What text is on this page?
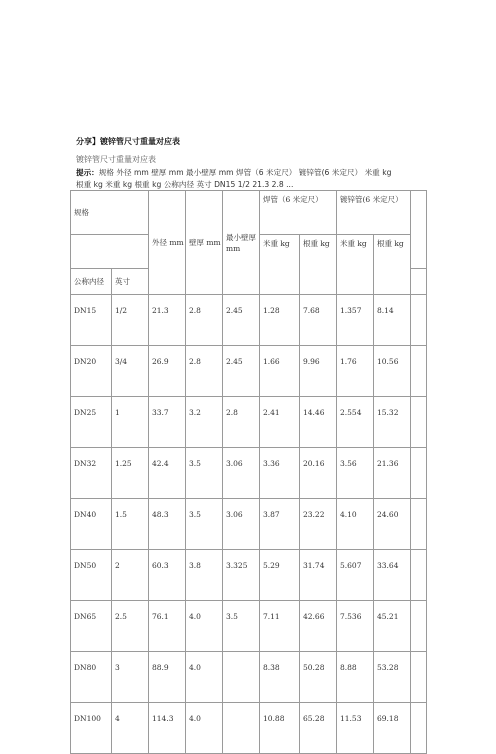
分享】镀锌管尺寸重量对应表
镀锌管尺寸重量对应表
提示：规格 外径 mm 壁厚 mm 最小壁厚 mm 焊管（6 米定尺） 镀锌管(6 米定尺） 米重 kg
根重 kg 米重 kg 根重 kg 公称内径 英寸 DN15 1/2 21.3 2.8 ...
规格		外径 mm	壁厚 mm	最小壁厚 mm	焊管（6 米定尺）		镀锌管(6 米定尺）		
					米重 kg	根重 kg	米重 kg	根重 kg	
公称内径	英寸								
DN15	1/2	21.3	2.8	2.45	1.28	7.68	1.357	8.14	
DN20	3/4	26.9	2.8	2.45	1.66	9.96	1.76	10.56	
DN25	1	33.7	3.2	2.8	2.41	14.46	2.554	15.32	
DN32	1.25	42.4	3.5	3.06	3.36	20.16	3.56	21.36	
DN40	1.5	48.3	3.5	3.06	3.87	23.22	4.10	24.60	
DN50	2	60.3	3.8	3.325	5.29	31.74	5.607	33.64	
DN65	2.5	76.1	4.0	3.5	7.11	42.66	7.536	45.21	
DN80	3	88.9	4.0		8.38	50.28	8.88	53.28	
DN100	4	114.3	4.0		10.88	65.28	11.53	69.18	
